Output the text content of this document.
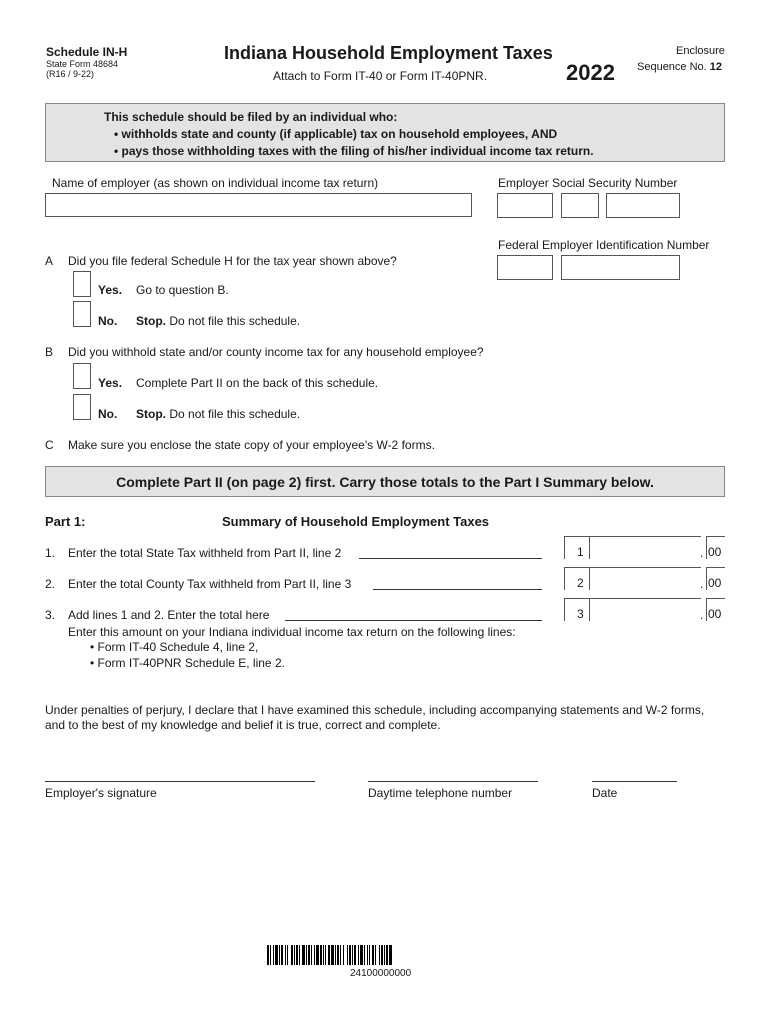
Schedule IN-H
State Form 48684
(R16 / 9-22)
Indiana Household Employment Taxes
Attach to Form IT-40 or Form IT-40PNR.	2022
Enclosure
Sequence No. 12
This schedule should be filed by an individual who:
• withholds state and county (if applicable) tax on household employees, AND
• pays those withholding taxes with the filing of his/her individual income tax return.
Name of employer (as shown on individual income tax return)	Employer Social Security Number
Federal Employer Identification Number
A Did you file federal Schedule H for the tax year shown above?
Yes. Go to question B.
No. Stop. Do not file this schedule.
B Did you withhold state and/or county income tax for any household employee?
Yes. Complete Part II on the back of this schedule.
No. Stop. Do not file this schedule.
C Make sure you enclose the state copy of your employee's W-2 forms.
Complete Part II (on page 2) first. Carry those totals to the Part I Summary below.
Part 1:	Summary of Household Employment Taxes
1. Enter the total State Tax withheld from Part II, line 2	1	. 00
2. Enter the total County Tax withheld from Part II, line 3	2	. 00
3. Add lines 1 and 2. Enter the total here	3	. 00
Enter this amount on your Indiana individual income tax return on the following lines:
• Form IT-40 Schedule 4, line 2,
• Form IT-40PNR Schedule E, line 2.
Under penalties of perjury, I declare that I have examined this schedule, including accompanying statements and W-2 forms,
and to the best of my knowledge and belief it is true, correct and complete.
Employer's signature	Daytime telephone number	Date
24100000000
